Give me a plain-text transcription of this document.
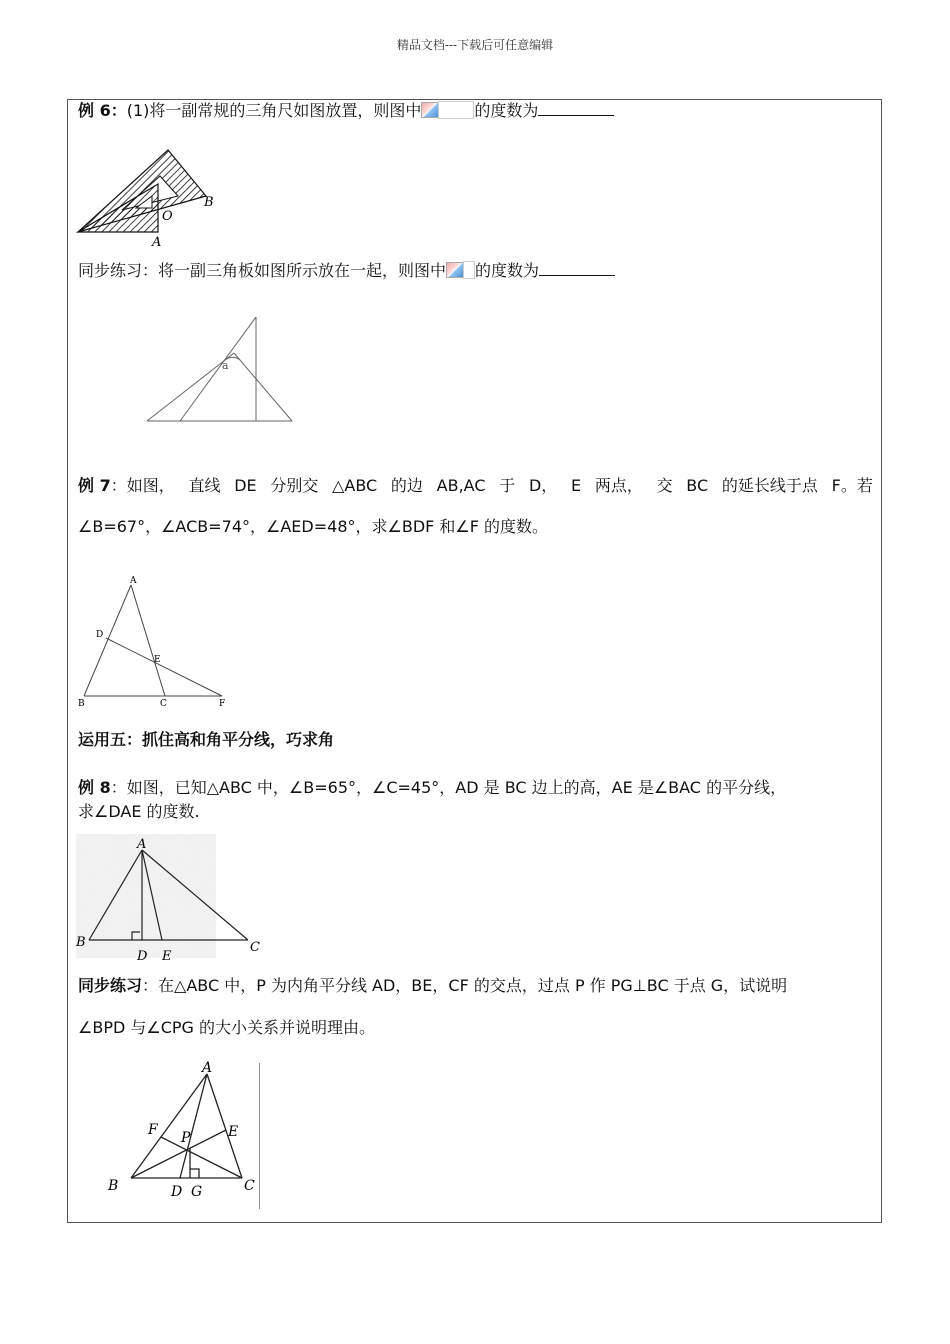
精品文档---下载后可任意编辑
例 6：(1)将一副常规的三角尺如图放置，则图中	的度数为
B
O
A
同步练习：将一副三角板如图所示放在一起，则图中 的度数为
a
例 7：如图， 直线 DE 分别交 △ABC 的边 AB,AC 于 D， E 两点， 交 BC 的延长线于点 F。若
∠B=67°，∠ACB=74°，∠AED=48°，求∠BDF 和∠F 的度数。
A
D
E
B	C	F
运用五：抓住高和角平分线，巧求角
例 8：如图，已知△ABC 中，∠B=65°，∠C=45°，AD 是 BC 边上的高，AE 是∠BAC 的平分线，
求∠DAE 的度数.
A
B
D E
C
同步练习：在△ABC 中，P 为内角平分线 AD，BE，CF 的交点，过点 P 作 PG⊥BC 于点 G，试说明
∠BPD 与∠CPG 的大小关系并说明理由。
A
F	E
P
B	D G	C
